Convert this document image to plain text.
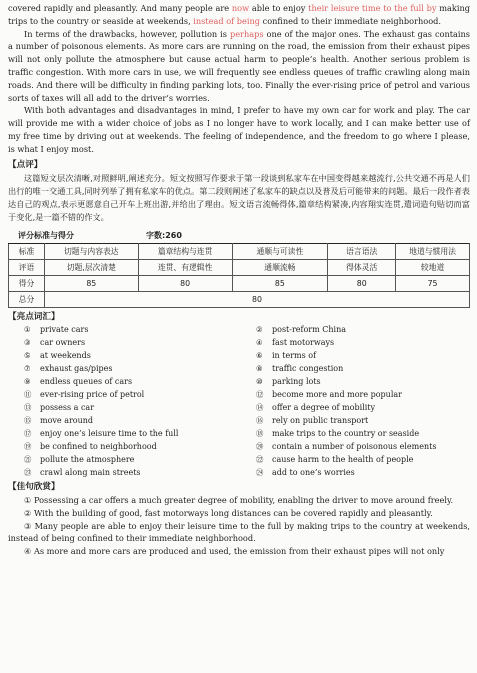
covered rapidly and pleasantly. And many people are now able to enjoy their leisure time to the full by making trips to the country or seaside at weekends, instead of being confined to their immediate neighborhood.

In terms of the drawbacks, however, pollution is perhaps one of the major ones. The exhaust gas contains a number of poisonous elements. As more cars are running on the road, the emission from their exhaust pipes will not only pollute the atmosphere but cause actual harm to people’s health. Another serious problem is traffic congestion. With more cars in use, we will frequently see endless queues of traffic crawling along main roads. And there will be difficulty in finding parking lots, too. Finally the ever-rising price of petrol and various sorts of taxes will all add to the driver’s worries.

With both advantages and disadvantages in mind, I prefer to have my own car for work and play. The car will provide me with a wider choice of jobs as I no longer have to work locally, and I can make better use of my free time by driving out at weekends. The feeling of independence, and the freedom to go where I please, is what I enjoy most.

【点评】

这篇短文层次清晰,对照鲜明,阐述充分。短文按照写作要求于第一段谈到私家车在中国变得越来越流行,公共交通不再是人们出行的唯一交通工具,同时列举了拥有私家车的优点。第二段则阐述了私家车的缺点以及普及后可能带来的问题。最后一段作者表达自己的观点,表示更愿意自己开车上班出游,并给出了理由。短文语言流畅得体,篇章结构紧凑,内容翔实连贯,遣词造句贴切而富于变化,是一篇不错的作文。

评分标准与得分	字数:260
标准	切题与内容表达	篇章结构与连贯	通顺与可读性	语言语法	地道与惯用法
评语	切题,层次清楚	连贯、有逻辑性	通顺流畅	得体灵活	较地道
得分	85	80	85	80	75
总分	80				
【亮点词汇】
① private cars	② post-reform China
③ car owners	④ fast motorways
⑤ at weekends	⑥ in terms of
⑦ exhaust gas/pipes	⑧ traffic congestion
⑨ endless queues of cars	⑩ parking lots
⑪ ever-rising price of petrol	⑫ become more and more popular
⑬ possess a car	⑭ offer a degree of mobility
⑮ move around	⑯ rely on public transport
⑰ enjoy one’s leisure time to the full	⑱ make trips to the country or seaside
⑲ be confined to neighborhood	⑳ contain a number of poisonous elements
㉑ pollute the atmosphere	㉒ cause harm to the health of people
㉓ crawl along main streets	㉔ add to one’s worries
【佳句欣赏】

① Possessing a car offers a much greater degree of mobility, enabling the driver to move around freely.

② With the building of good, fast motorways long distances can be covered rapidly and pleasantly.

③ Many people are able to enjoy their leisure time to the full by making trips to the country at weekends, instead of being confined to their immediate neighborhood.

④ As more and more cars are produced and used, the emission from their exhaust pipes will not only
